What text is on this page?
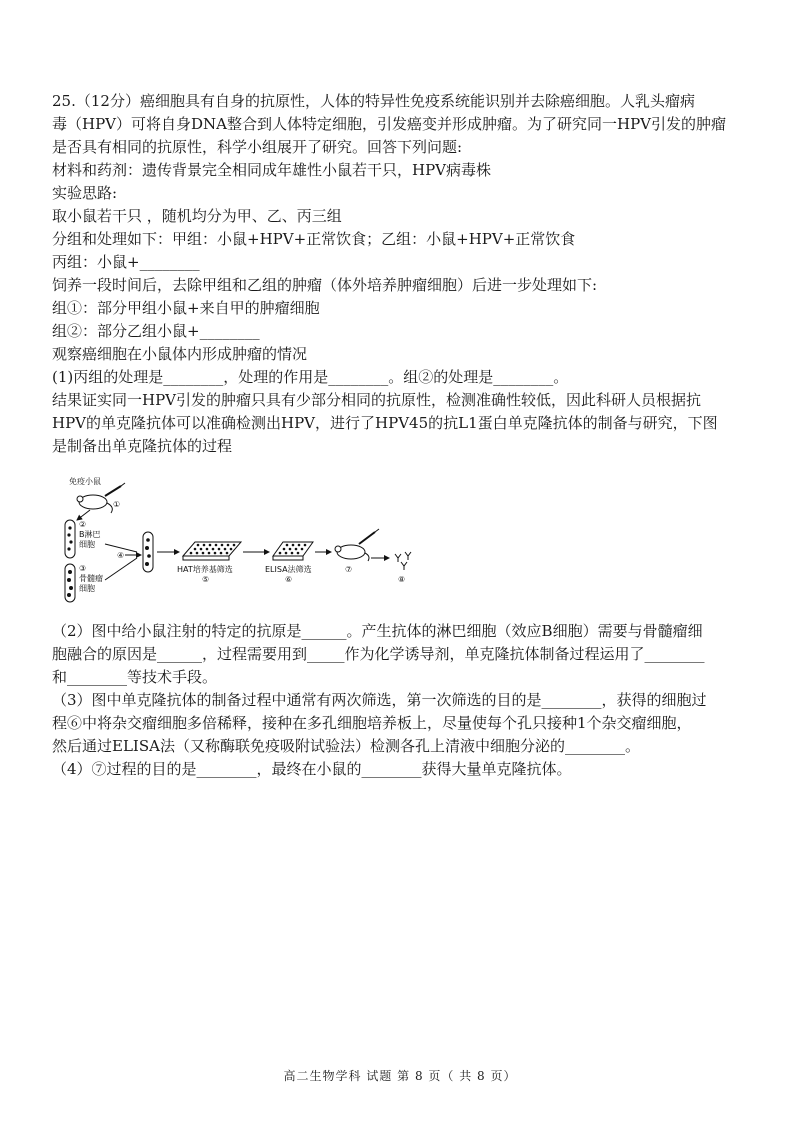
25.（12分）癌细胞具有自身的抗原性，人体的特异性免疫系统能识别并去除癌细胞。人乳头瘤病

毒（HPV）可将自身DNA整合到人体特定细胞，引发癌变并形成肿瘤。为了研究同一HPV引发的肿瘤

是否具有相同的抗原性，科学小组展开了研究。回答下列问题:

材料和药剂：遗传背景完全相同成年雄性小鼠若干只，HPV病毒株

实验思路:

取小鼠若干只 ，随机均分为甲、乙、丙三组

分组和处理如下：甲组：小鼠+HPV+正常饮食；乙组：小鼠+HPV+正常饮食

丙组：小鼠+________

饲养一段时间后，去除甲组和乙组的肿瘤（体外培养肿瘤细胞）后进一步处理如下:

组①：部分甲组小鼠+来自甲的肿瘤细胞

组②：部分乙组小鼠+________

观察癌细胞在小鼠体内形成肿瘤的情况

(1)丙组的处理是________，处理的作用是________。组②的处理是________。

结果证实同一HPV引发的肿瘤只具有少部分相同的抗原性，检测准确性较低，因此科研人员根据抗

HPV的单克隆抗体可以准确检测出HPV，进行了HPV45的抗L1蛋白单克隆抗体的制备与研究，下图

是制备出单克隆抗体的过程

免疫小鼠
①
②
B淋巴
细胞
③
骨髓瘤
细胞
④
HAT培养基筛选
⑤
ELISA法筛选
⑥
⑦
⑧

（2）图中给小鼠注射的特定的抗原是______。产生抗体的淋巴细胞（效应B细胞）需要与骨髓瘤细

胞融合的原因是______，过程需要用到_____作为化学诱导剂，单克隆抗体制备过程运用了________

和________等技术手段。

（3）图中单克隆抗体的制备过程中通常有两次筛选，第一次筛选的目的是________，获得的细胞过

程⑥中将杂交瘤细胞多倍稀释，接种在多孔细胞培养板上，尽量使每个孔只接种1个杂交瘤细胞，

然后通过ELISA法（又称酶联免疫吸附试验法）检测各孔上清液中细胞分泌的________。

（4）⑦过程的目的是________，最终在小鼠的________获得大量单克隆抗体。

高二生物学科 试题 第 8 页（ 共 8 页）
